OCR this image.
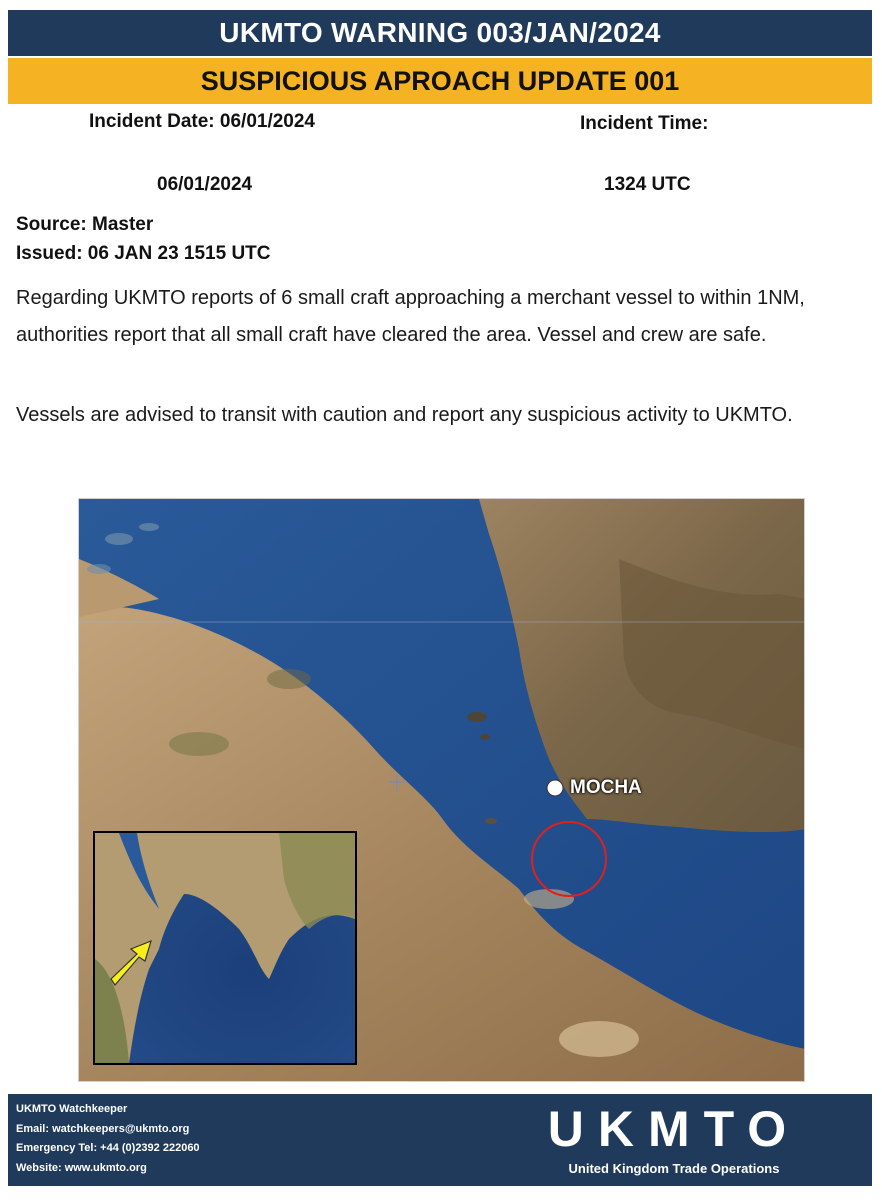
UKMTO WARNING 003/JAN/2024
SUSPICIOUS APROACH UPDATE 001
Incident Date: 06/01/2024	Incident Time:
06/01/2024	1324 UTC
Source: Master
Issued: 06 JAN 23 1515 UTC
Regarding UKMTO reports of 6 small craft approaching a merchant vessel to within 1NM, authorities report that all small craft have cleared the area. Vessel and crew are safe.
Vessels are advised to transit with caution and report any suspicious activity to UKMTO.
MOCHA
UKMTO Watchkeeper
Email: watchkeepers@ukmto.org
Emergency Tel: +44 (0)2392 222060
Website: www.ukmto.org
UKMTO
United Kingdom Trade Operations
